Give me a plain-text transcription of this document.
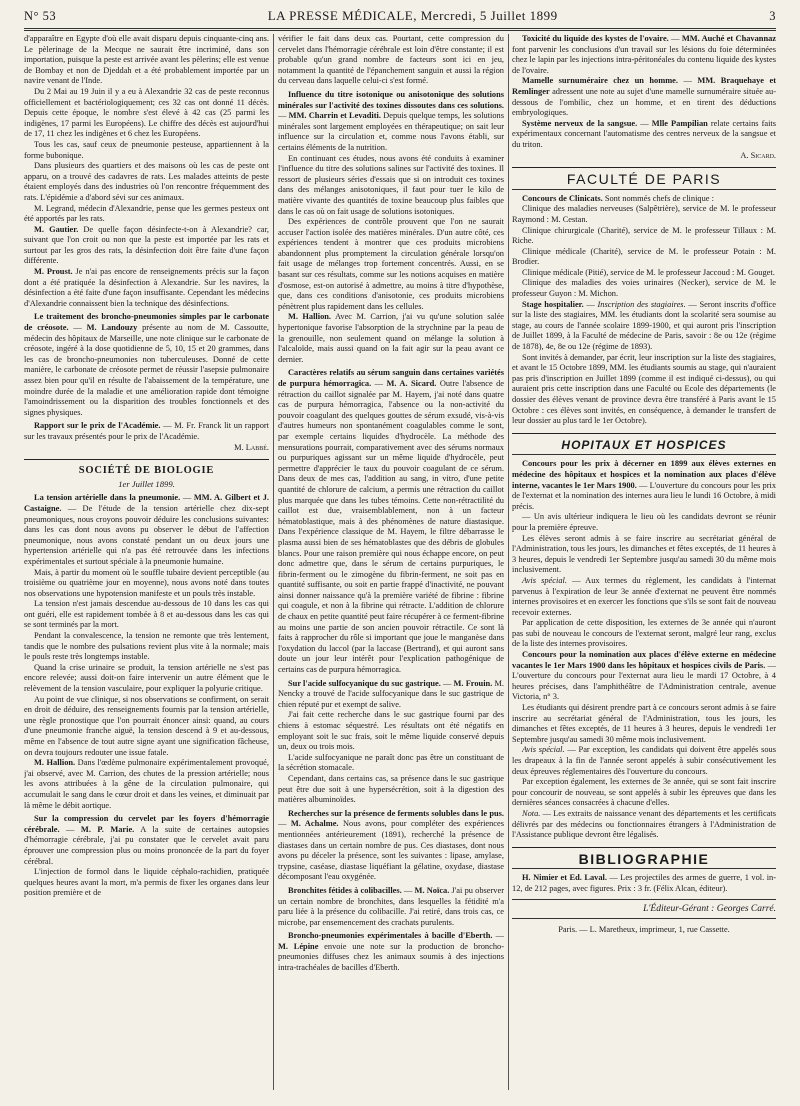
N° 53	LA PRESSE MÉDICALE, Mercredi, 5 Juillet 1899	3

d'apparaître en Egypte d'où elle avait disparu depuis cinquante-cinq ans. Le pèlerinage de la Mecque ne saurait être incriminé, dans son importation, puisque la peste est arrivée avant les pèlerins; elle est venue de Bombay et non de Djeddah et a été probablement importée par un navire venant de l'Inde.

Du 2 Mai au 19 Juin il y a eu à Alexandrie 32 cas de peste reconnus officiellement et bactériologiquement; ces 32 cas ont donné 11 décès. Depuis cette époque, le nombre s'est élevé à 42 cas (25 parmi les indigènes, 17 parmi les Européens). Le chiffre des décès est aujourd'hui de 17, 11 chez les indigènes et 6 chez les Européens.

Tous les cas, sauf ceux de pneumonie pesteuse, appartiennent à la forme bubonique.

Dans plusieurs des quartiers et des maisons où les cas de peste ont apparu, on a trouvé des cadavres de rats. Les malades atteints de peste étaient employés dans des industries où l'on rencontre fréquemment des rats. L'épidémie a d'abord sévi sur ces animaux.

M. Legrand, médecin d'Alexandrie, pense que les germes pesteux ont été apportés par les rats.

M. Gautier. De quelle façon désinfecte-t-on à Alexandrie? car, suivant que l'on croit ou non que la peste est importée par les rats et surtout par les gros des rats, la désinfection doit être faite d'une façon différente.

M. Proust. Je n'ai pas encore de renseignements précis sur la façon dont a été pratiquée la désinfection à Alexandrie. Sur les navires, la désinfection a été faite d'une façon insuffisante. Cependant les médecins d'Alexandrie connaissent bien la technique des désinfections.

Le traitement des broncho-pneumonies simples par le carbonate de créosote. — M. Landouzy présente au nom de M. Cassoutte, médecin des hôpitaux de Marseille, une note clinique sur le carbonate de créosote, ingéré à la dose quotidienne de 5, 10, 15 et 20 grammes, dans les cas de broncho-pneumonies non tuberculeuses. Donné de cette manière, le carbonate de créosote permet de réussir l'asepsie pulmonaire assez bien pour qu'il en résulte de l'abaissement de la température, une moindre durée de la maladie et une amélioration rapide dont témoigne l'amoindrissement ou la disparition des troubles fonctionnels et des signes physiques.

Rapport sur le prix de l'Académie. — M. Fr. Franck lit un rapport sur les travaux présentés pour le prix de l'Académie.

M. Labbé.

SOCIÉTÉ DE BIOLOGIE
1er Juillet 1899.

La tension artérielle dans la pneumonie. — MM. A. Gilbert et J. Castaigne. — De l'étude de la tension artérielle chez dix-sept pneumoniques, nous croyons pouvoir déduire les conclusions suivantes: dans les cas dont nous avons pu observer le début de l'affection pneumonique, nous avons constaté pendant un ou deux jours une hypertension artérielle qui n'a pas été retrouvée dans les infections expérimentales et surtout spéciale à la pneumonie humaine.

Mais, à partir du moment où le souffle tubaire devient perceptible (au troisième ou quatrième jour en moyenne), nous avons noté dans toutes nos observations une hypotension manifeste et un pouls très instable.

La tension n'est jamais descendue au-dessous de 10 dans les cas qui ont guéri, elle est rapidement tombée à 8 et au-dessous dans les cas qui se sont terminés par la mort.

Pendant la convalescence, la tension ne remonte que très lentement, tandis que le nombre des pulsations revient plus vite à la normale; mais le pouls reste très longtemps instable.

Quand la crise urinaire se produit, la tension artérielle ne s'est pas encore relevée; aussi doit-on faire intervenir un autre élément que le relèvement de la tension vasculaire, pour expliquer la polyurie critique.

Au point de vue clinique, si nos observations se confirment, on serait en droit de déduire, des renseignements fournis par la tension artérielle, une règle pronostique que l'on pourrait énoncer ainsi: quand, au cours d'une pneumonie franche aiguë, la tension descend à 9 et au-dessous, même en l'absence de tout autre signe ayant une signification fâcheuse, on devra toujours redouter une issue fatale.

M. Hallion. Dans l'œdème pulmonaire expérimentalement provoqué, j'ai observé, avec M. Carrion, des chutes de la pression artérielle; nous les avons attribuées à la gêne de la circulation pulmonaire, qui accumulait le sang dans le cœur droit et dans les veines, et diminuait par là même le débit aortique.

Sur la compression du cervelet par les foyers d'hémorragie cérébrale. — M. P. Marie. A la suite de certaines autopsies d'hémorragie cérébrale, j'ai pu constater que le cervelet avait paru éprouver une compression plus ou moins prononcée de la part du foyer cérébral.

L'injection de formol dans le liquide céphalo-rachidien, pratiquée quelques heures avant la mort, m'a permis de fixer les organes dans leur position première et de

vérifier le fait dans deux cas. Pourtant, cette compression du cervelet dans l'hémorragie cérébrale est loin d'être constante; il est probable qu'un grand nombre de facteurs sont ici en jeu, notamment la quantité de l'épanchement sanguin et aussi la région du cerveau dans laquelle celui-ci s'est formé.

Influence du titre isotonique ou anisotonique des solutions minérales sur l'activité des toxines dissoutes dans ces solutions. — MM. Charrin et Levaditi. Depuis quelque temps, les solutions minérales sont largement employées en thérapeutique; on sait leur influence sur la circulation et, comme nous l'avons établi, sur certains éléments de la nutrition.

En continuant ces études, nous avons été conduits à examiner l'influence du titre des solutions salines sur l'activité des toxines. Il ressort de plusieurs séries d'essais que si on introduit ces toxines dans des mélanges anisotoniques, il faut pour tuer le kilo de matière vivante des quantités de toxine beaucoup plus faibles que dans le cas où on fait usage de solutions isotoniques.

Des expériences de contrôle prouvent que l'on ne saurait accuser l'action isolée des matières minérales. D'un autre côté, ces expériences tendent à montrer que ces produits microbiens abandonnent plus promptement la circulation générale lorsqu'on fait usage de mélanges trop fortement concentrés. Aussi, en se basant sur ces résultats, comme sur les notions acquises en matière d'osmose, est-on autorisé à admettre, au moins à titre d'hypothèse, que, dans ces conditions d'anisotonie, ces produits microbiens pénètrent plus rapidement dans les cellules.

M. Hallion. Avec M. Carrion, j'ai vu qu'une solution salée hypertonique favorise l'absorption de la strychnine par la peau de la grenouille, non seulement quand on mélange la solution à l'alcaloïde, mais aussi quand on la fait agir sur la peau avant ce dernier.

Caractères relatifs au sérum sanguin dans certaines variétés de purpura hémorragica. — M. A. Sicard. Outre l'absence de rétraction du caillot signalée par M. Hayem, j'ai noté dans quatre cas de purpura hémorragica, l'absence ou la non-activité du pouvoir coagulant des quelques gouttes de sérum exsudé, vis-à-vis d'autres humeurs non spontanément coagulables comme le sont, par exemple certains liquides d'hydrocèle. La méthode des mensurations pourrait, comparativement avec des sérums normaux ou purpuriques agissant sur un même liquide d'hydrocèle, peut permettre d'apprécier le taux du pouvoir coagulant de ce sérum. Dans deux de mes cas, l'addition au sang, in vitro, d'une petite quantité de chlorure de calcium, a permis une rétraction du caillot plus marquée que dans les tubes témoins. Cette non-rétractilité du caillot est due, vraisemblablement, non à un facteur hématoblastique, mais à des phénomènes de nature diastasique. Dans l'expérience classique de M. Hayem, le filtre débarrasse le plasma aussi bien de ses hématoblastes que des débris de globules blancs. Pour une raison première qui nous échappe encore, on peut donc admettre que, dans le sérum de certains purpuriques, le fibrin-ferment ou le zimogène du fibrin-ferment, ne soit pas en quantité suffisante, ou soit en partie frappé d'inactivité, ne pouvant ainsi donner naissance qu'à la première variété de fibrine : fibrine qui coagule, et non à la fibrine qui rétracte. L'addition de chlorure de chaux en petite quantité peut faire récupérer à ce ferment-fibrine au moins une partie de son ancien pouvoir rétractile. Ce sont là faits à rapprocher du rôle si important que joue le manganèse dans l'oxydation du laccol (par la laccase (Bertrand), et qui auront sans doute un jour leur intérêt pour l'explication pathogénique de certains cas de purpura hémorragica.

Sur l'acide sulfocyanique du suc gastrique. — M. Frouin. M. Nencky a trouvé de l'acide sulfocyanique dans le suc gastrique de chien réputé pur et exempt de salive.

J'ai fait cette recherche dans le suc gastrique fourni par des chiens à estomac séquestré. Les résultats ont été négatifs en employant soit le suc frais, soit le même liquide conservé depuis un, deux ou trois mois.

L'acide sulfocyanique ne paraît donc pas être un constituant de la sécrétion stomacale.

Cependant, dans certains cas, sa présence dans le suc gastrique peut être due soit à une hypersécrétion, soit à la digestion des matières albuminoïdes.

Recherches sur la présence de ferments solubles dans le pus. — M. Achalme. Nous avons, pour compléter des expériences mentionnées antérieurement (1891), recherché la présence de diastases dans un certain nombre de pus. Ces diastases, dont nous avons pu déceler la présence, sont les suivantes : lipase, amylase, trypsine, caséase, diastase liquéfiant la gélatine, oxydase, diastase décomposant l'eau oxygénée.

Bronchites fétides à colibacilles. — M. Noïca. J'ai pu observer un certain nombre de bronchites, dans lesquelles la fétidité m'a paru liée à la présence du colibacille. J'ai retiré, dans trois cas, ce microbe, par ensemencement des crachats purulents.

Broncho-pneumonies expérimentales à bacille d'Eberth. — M. Lépine envoie une note sur la production de broncho-pneumonies diffuses chez les animaux soumis à des injections intra-trachéales de bacilles d'Eberth.

Toxicité du liquide des kystes de l'ovaire. — MM. Auché et Chavannaz font parvenir les conclusions d'un travail sur les lésions du foie déterminées chez le lapin par les injections intra-péritonéales du contenu liquide des kystes de l'ovaire.

Mamelle surnuméraire chez un homme. — MM. Braquehaye et Remlinger adressent une note au sujet d'une mamelle surnuméraire située au-dessous de l'ombilic, chez un homme, et en tirent des déductions embryologiques.

Système nerveux de la sangsue. — Mlle Pampilian relate certains faits expérimentaux concernant l'automatisme des centres nerveux de la sangsue et du triton.

A. Sicard.

FACULTÉ DE PARIS

Concours de Clinicats. Sont nommés chefs de clinique :

Clinique des maladies nerveuses (Salpêtrière), service de M. le professeur Raymond : M. Cestan.

Clinique chirurgicale (Charité), service de M. le professeur Tillaux : M. Riche.

Clinique médicale (Charité), service de M. le professeur Potain : M. Brodier.

Clinique médicale (Pitié), service de M. le professeur Jaccoud : M. Gouget.

Clinique des maladies des voies urinaires (Necker), service de M. le professeur Guyon : M. Michon.

Stage hospitalier. — Inscription des stagiaires. — Seront inscrits d'office sur la liste des stagiaires, MM. les étudiants dont la scolarité sera soumise au stage, au cours de l'année scolaire 1899-1900, et qui auront pris l'inscription de Juillet 1899, à la Faculté de médecine de Paris, savoir : 8e ou 12e (régime de 1878), 4e, 8e ou 12e (régime de 1893).

Sont invités à demander, par écrit, leur inscription sur la liste des stagiaires, et avant le 15 Octobre 1899, MM. les étudiants soumis au stage, qui n'auraient pas pris d'inscription en Juillet 1899 (comme il est indiqué ci-dessus), ou qui auraient pris cette inscription dans une Faculté ou Ecole des départements (le dossier des élèves venant de province devra être transféré à Paris avant le 15 Octobre : ces élèves sont invités, en conséquence, à demander le transfert de leur dossier au plus tard le 1er Octobre).

HOPITAUX ET HOSPICES

Concours pour les prix à décerner en 1899 aux élèves externes en médecine des hôpitaux et hospices et la nomination aux places d'élève interne, vacantes le 1er Mars 1900. — L'ouverture du concours pour les prix de l'externat et la nomination des internes aura lieu le lundi 16 Octobre, à midi précis.

— Un avis ultérieur indiquera le lieu où les candidats devront se réunir pour la première épreuve.

Les élèves seront admis à se faire inscrire au secrétariat général de l'Administration, tous les jours, les dimanches et fêtes exceptés, de 11 heures à 3 heures, depuis le vendredi 1er Septembre jusqu'au samedi 30 du même mois inclusivement.

Avis spécial. — Aux termes du règlement, les candidats à l'internat parvenus à l'expiration de leur 3e année d'externat ne peuvent être nommés internes provisoires et en exercer les fonctions que s'ils se sont fait de nouveau recevoir externes.

Par application de cette disposition, les externes de 3e année qui n'auront pas subi de nouveau le concours de l'externat seront, malgré leur rang, exclus de la liste des internes provisoires.

Concours pour la nomination aux places d'élève externe en médecine vacantes le 1er Mars 1900 dans les hôpitaux et hospices civils de Paris. — L'ouverture du concours pour l'externat aura lieu le mardi 17 Octobre, à 4 heures précises, dans l'amphithéâtre de l'Administration centrale, avenue Victoria, n° 3.

Les étudiants qui désirent prendre part à ce concours seront admis à se faire inscrire au secrétariat général de l'Administration, tous les jours, les dimanches et fêtes exceptés, de 11 heures à 3 heures, depuis le vendredi 1er Septembre jusqu'au samedi 30 même mois inclusivement.

Avis spécial. — Par exception, les candidats qui doivent être appelés sous les drapeaux à la fin de l'année seront appelés à subir consécutivement les deux épreuves réglementaires dès l'ouverture du concours.

Par exception également, les externes de 3e année, qui se sont fait inscrire pour concourir de nouveau, se sont appelés à subir les épreuves que dans les dernières séances consacrées à chacune d'elles.

Nota. — Les extraits de naissance venant des départements et les certificats délivrés par des médecins ou fonctionnaires étrangers à l'Administration de l'Assistance publique devront être légalisés.

BIBLIOGRAPHIE

H. Nimier et Ed. Laval. — Les projectiles des armes de guerre, 1 vol. in-12, de 212 pages, avec figures. Prix : 3 fr. (Félix Alcan, éditeur).

L'Éditeur-Gérant : Georges Carré.
Paris. — L. Maretheux, imprimeur, 1, rue Cassette.
